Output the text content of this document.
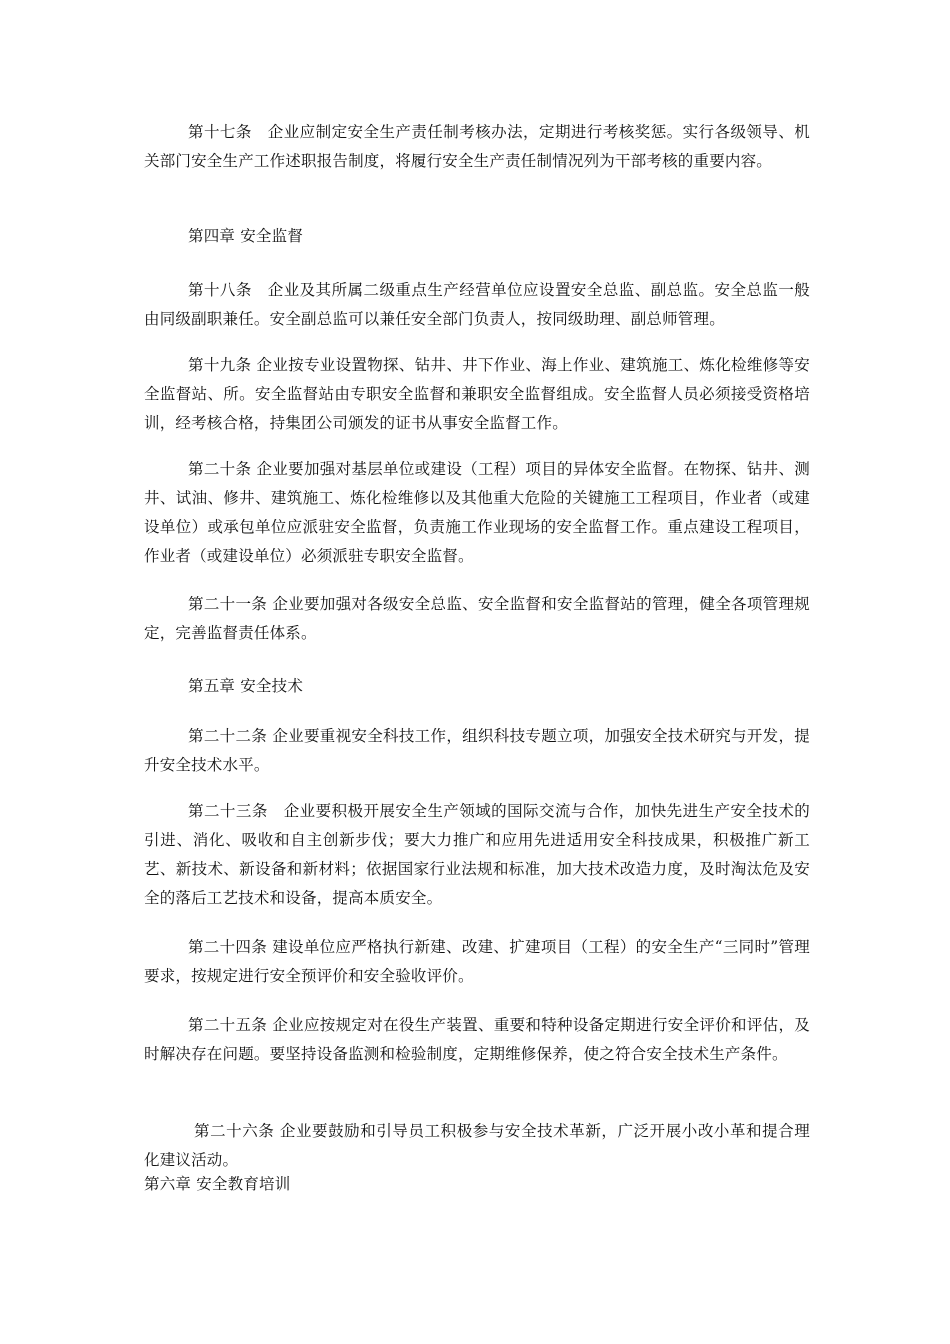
第十七条　企业应制定安全生产责任制考核办法，定期进行考核奖惩。实行各级领导、机关部门安全生产工作述职报告制度，将履行安全生产责任制情况列为干部考核的重要内容。

第四章 安全监督

第十八条　企业及其所属二级重点生产经营单位应设置安全总监、副总监。安全总监一般由同级副职兼任。安全副总监可以兼任安全部门负责人，按同级助理、副总师管理。

第十九条 企业按专业设置物探、钻井、井下作业、海上作业、建筑施工、炼化检维修等安全监督站、所。安全监督站由专职安全监督和兼职安全监督组成。安全监督人员必须接受资格培训，经考核合格，持集团公司颁发的证书从事安全监督工作。

第二十条 企业要加强对基层单位或建设（工程）项目的异体安全监督。在物探、钻井、测井、试油、修井、建筑施工、炼化检维修以及其他重大危险的关键施工工程项目，作业者（或建设单位）或承包单位应派驻安全监督，负责施工作业现场的安全监督工作。重点建设工程项目，作业者（或建设单位）必须派驻专职安全监督。

第二十一条 企业要加强对各级安全总监、安全监督和安全监督站的管理，健全各项管理规定，完善监督责任体系。

第五章 安全技术

第二十二条 企业要重视安全科技工作，组织科技专题立项，加强安全技术研究与开发，提升安全技术水平。

第二十三条　企业要积极开展安全生产领域的国际交流与合作，加快先进生产安全技术的引进、消化、吸收和自主创新步伐；要大力推广和应用先进适用安全科技成果，积极推广新工艺、新技术、新设备和新材料；依据国家行业法规和标准，加大技术改造力度，及时淘汰危及安全的落后工艺技术和设备，提高本质安全。

第二十四条 建设单位应严格执行新建、改建、扩建项目（工程）的安全生产“三同时”管理要求，按规定进行安全预评价和安全验收评价。

第二十五条 企业应按规定对在役生产装置、重要和特种设备定期进行安全评价和评估，及时解决存在问题。要坚持设备监测和检验制度，定期维修保养，使之符合安全技术生产条件。

第二十六条 企业要鼓励和引导员工积极参与安全技术革新，广泛开展小改小革和提合理化建议活动。

第六章 安全教育培训
